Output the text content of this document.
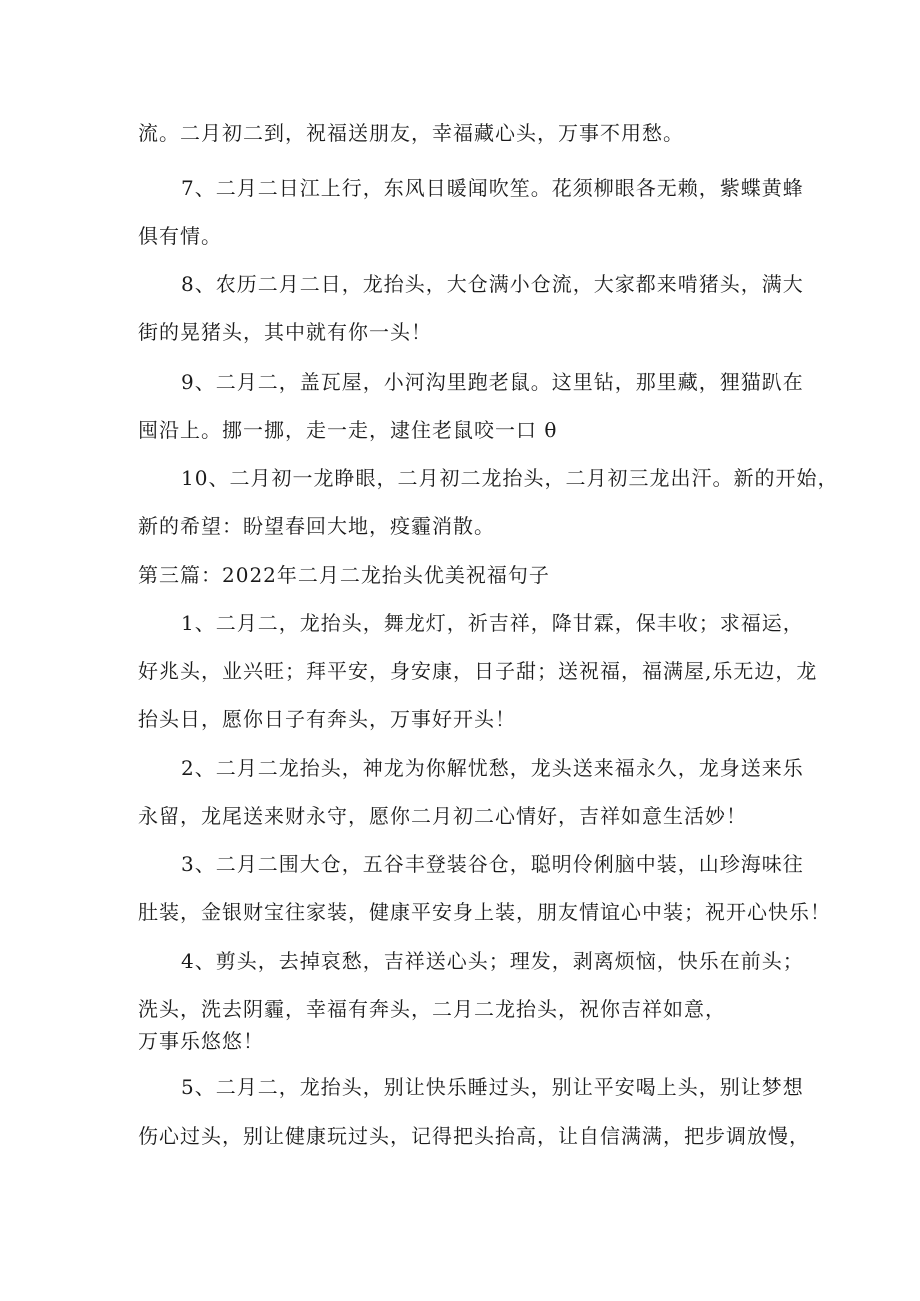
流。二月初二到，祝福送朋友，幸福藏心头，万事不用愁。
7、二月二日江上行，东风日暖闻吹笙。花须柳眼各无赖，紫蝶黄蜂
俱有情。
8、农历二月二日，龙抬头，大仓满小仓流，大家都来啃猪头，满大
街的晃猪头，其中就有你一头！
9、二月二，盖瓦屋，小河沟里跑老鼠。这里钻，那里藏，狸猫趴在
囤沿上。挪一挪，走一走，逮住老鼠咬一口 θ
10、二月初一龙睁眼，二月初二龙抬头，二月初三龙出汗。新的开始，
新的希望：盼望春回大地，疫霾消散。
第三篇：2022年二月二龙抬头优美祝福句子
1、二月二，龙抬头，舞龙灯，祈吉祥，降甘霖，保丰收；求福运，
好兆头，业兴旺；拜平安，身安康，日子甜；送祝福，福满屋,乐无边，龙
抬头日，愿你日子有奔头，万事好开头！
2、二月二龙抬头，神龙为你解忧愁，龙头送来福永久，龙身送来乐
永留，龙尾送来财永守，愿你二月初二心情好，吉祥如意生活妙！
3、二月二围大仓，五谷丰登装谷仓，聪明伶俐脑中装，山珍海味往
肚装，金银财宝往家装，健康平安身上装，朋友情谊心中装；祝开心快乐！
4、剪头，去掉哀愁，吉祥送心头；理发，剥离烦恼，快乐在前头；
洗头，洗去阴霾，幸福有奔头，二月二龙抬头，祝你吉祥如意，
万事乐悠悠！
5、二月二，龙抬头，别让快乐睡过头，别让平安喝上头，别让梦想
伤心过头，别让健康玩过头，记得把头抬高，让自信满满，把步调放慢，
